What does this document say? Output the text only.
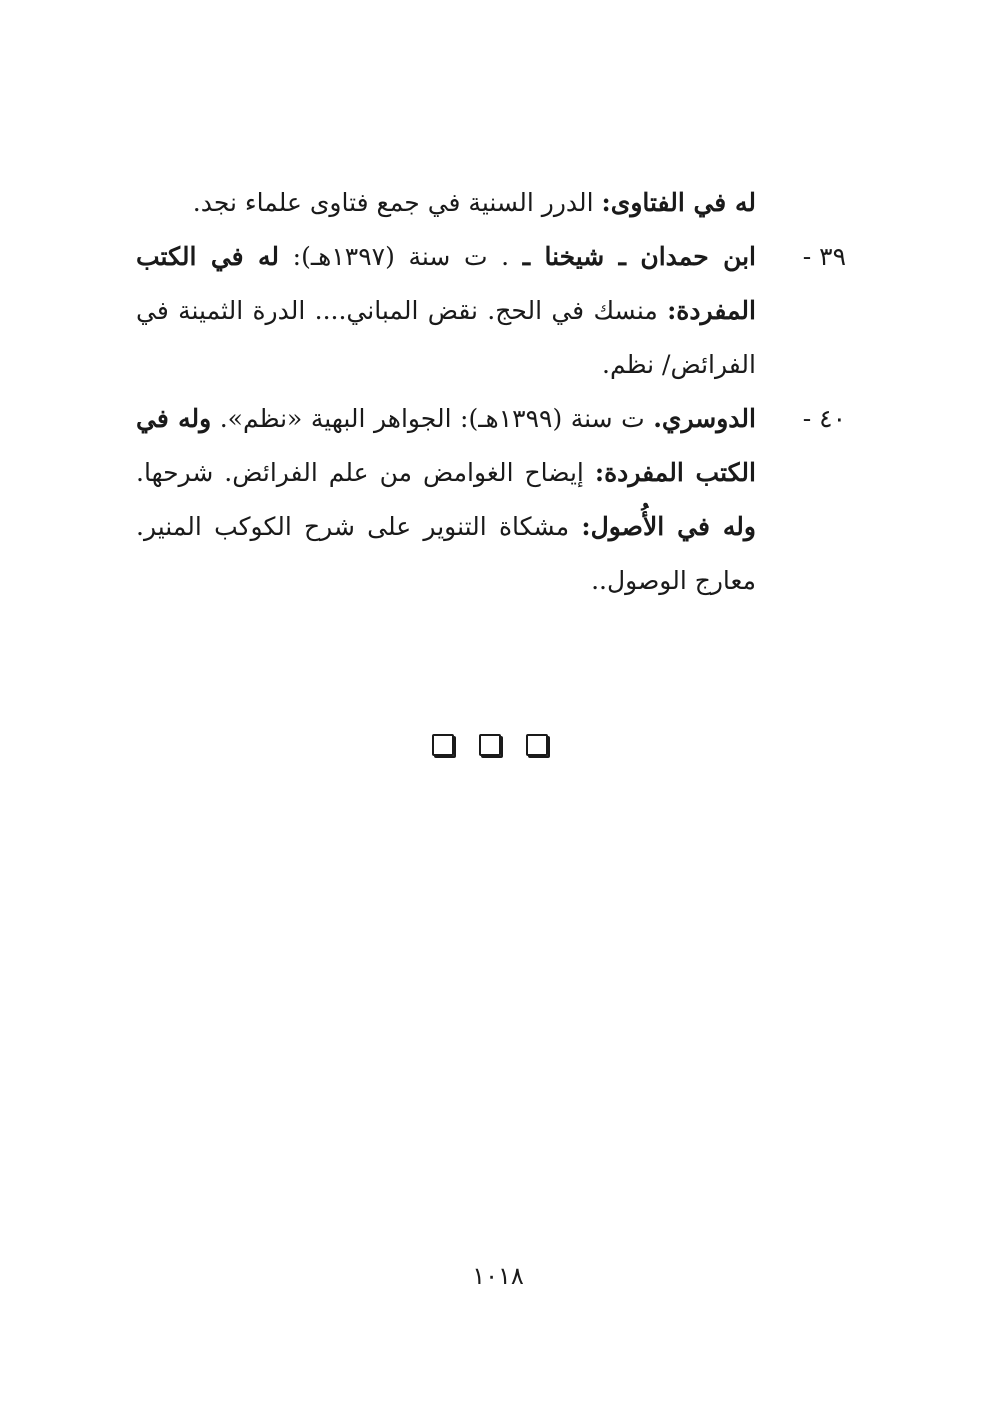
له في الفتاوى: الدرر السنية في جمع فتاوى علماء نجد.

٣٩ -

ابن حمدان ـ شيخنا ـ . ت سنة (١٣٩٧هـ): له في الكتب المفردة: منسك في الحج. نقض المباني.... الدرة الثمينة في الفرائض/ نظم.

٤٠ -

الدوسري. ت سنة (١٣٩٩هـ): الجواهر البهية «نظم». وله في الكتب المفردة: إيضاح الغوامض من علم الفرائض. شرحها. وله في الأُصول: مشكاة التنوير على شرح الكوكب المنير. معارج الوصول..

١٠١٨
